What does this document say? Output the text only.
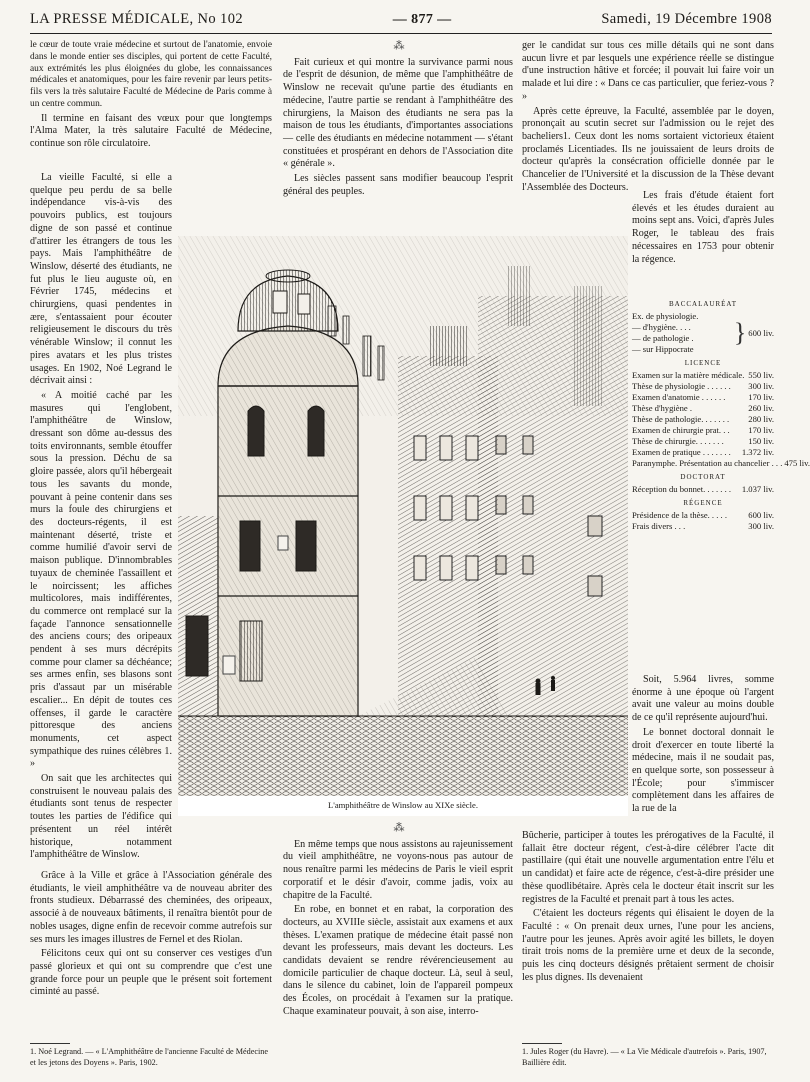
LA PRESSE MÉDICALE, No 102	— 877 —	Samedi, 19 Décembre 1908

le cœur de toute vraie médecine et surtout de l'anatomie, envoie dans le monde entier ses disciples, qui portent de cette Faculté, aux extrémités les plus éloignées du globe, les connaissances médicales et anatomiques, pour les faire revenir par leurs petits-fils vers la très salutaire Faculté de Médecine de Paris comme à un centre commun.

Il termine en faisant des vœux pour que longtemps l'Alma Mater, la très salutaire Faculté de Médecine, continue son rôle circulatoire.

La vieille Faculté, si elle a quelque peu perdu de sa belle indépendance vis-à-vis des pouvoirs publics, est toujours digne de son passé et continue d'attirer les étrangers de tous les pays. Mais l'amphithéâtre de Winslow, déserté des étudiants, ne fut plus le lieu auguste où, en Février 1745, médecins et chirurgiens, quasi pendentes in ære, s'entassaient pour écouter religieusement le discours du très vénérable Winslow; il connut les pires avatars et les plus tristes usages. En 1902, Noé Legrand le décrivait ainsi :

« A moitié caché par les masures qui l'englobent, l'amphithéâtre de Winslow, dressant son dôme au-dessus des toits environnants, semble étouffer sous la pression. Déchu de sa gloire passée, alors qu'il hébergeait tous les savants du monde, pouvant à peine contenir dans ses murs la foule des chirurgiens et des docteurs-régents, il est maintenant déserté, triste et comme humilié d'avoir servi de maison publique. D'innombrables tuyaux de cheminée l'assaillent et le noircissent; les affiches multicolores, mais indifférentes, du commerce ont remplacé sur la façade l'annonce sensationnelle des anciens cours; des oripeaux pendent à ses murs décrépits comme pour clamer sa déchéance; ses armes enfin, ses blasons sont pris d'assaut par un misérable escalier... En dépit de toutes ces offenses, il garde le caractère pittoresque des anciens monuments, cet aspect sympathique des ruines célèbres 1. »

On sait que les architectes qui construisent le nouveau palais des étudiants sont tenus de respecter toutes les parties de l'édifice qui présentent un réel intérêt historique, notamment l'amphithéâtre de Winslow.

Grâce à la Ville et grâce à l'Association générale des étudiants, le vieil amphithéâtre va de nouveau abriter des fronts studieux. Débarrassé des cheminées, des oripeaux, associé à de nouveaux bâtiments, il renaîtra bientôt pour de nobles usages, digne enfin de recevoir comme autrefois sur ses murs les images illustres de Fernel et des Riolan.

Félicitons ceux qui ont su conserver ces vestiges d'un passé glorieux et qui ont su comprendre que c'est une grande force pour un peuple que le présent soit fortement ciminté au passé.

1. Noé Legrand. — « L'Amphithéâtre de l'ancienne Faculté de Médecine et les jetons des Doyens ». Paris, 1902.

⁂

Fait curieux et qui montre la survivance parmi nous de l'esprit de désunion, de même que l'amphithéâtre de Winslow ne recevait qu'une partie des étudiants en médecine, l'autre partie se rendant à l'amphithéâtre des chirurgiens, la Maison des étudiants ne sera pas la maison de tous les étudiants, d'importantes associations — celle des étudiants en médecine notamment — s'étant constituées et prospérant en dehors de l'Association dite « générale ».

Les siècles passent sans modifier beaucoup l'esprit général des peuples.

ger le candidat sur tous ces mille détails qui ne sont dans aucun livre et par lesquels une expérience réelle se distingue d'une instruction hâtive et forcée; il pouvait lui faire voir un malade et lui dire : « Dans ce cas particulier, que feriez-vous ? »

Après cette épreuve, la Faculté, assemblée par le doyen, prononçait au scutin secret sur l'admission ou le rejet des bacheliers1. Ceux dont les noms sortaient victorieux étaient proclamés Licentiades. Ils ne jouissaient de leurs droits de docteur qu'après la consécration officielle donnée par le Chancelier de l'Université et la discussion de la Thèse devant l'Assemblée des Docteurs.

Les frais d'étude étaient fort élevés et les études duraient au moins sept ans. Voici, d'après Jules Roger, le tableau des frais nécessaires en 1753 pour obtenir la régence.

BACCALAURÉAT
Ex. de physiologie.
— d'hygiène. . . .
— de pathologie .
— sur Hippocrate
} 600 liv.
LICENCE
Examen sur la matière médicale. 550 liv.
Thèse de physiologie . . . . . .	300 liv.
Examen d'anatomie . . . . . .	170 liv.
Thèse d'hygiène .	260 liv.
Thèse de pathologie. . . . . . .	280 liv.
Examen de chirurgie prat. . .	170 liv.
Thèse de chirurgie. . . . . . .	150 liv.
Examen de pratique . . . . . . .	1.372 liv.
Paranymphe. Présentation au chancelier . . . 475 liv.
DOCTORAT
Réception du bonnet. . . . . . .	1.037 liv.
RÉGENCE
Présidence de la thèse. . . . .	600 liv.
Frais divers . . .	300 liv.

Soit, 5.964 livres, somme énorme à une époque où l'argent avait une valeur au moins double de ce qu'il représente aujourd'hui.

Le bonnet doctoral donnait le droit d'exercer en toute liberté la médecine, mais il ne soudait pas, en quelque sorte, son possesseur à l'École; pour s'immiscer complètement dans les affaires de la rue de la

L'amphithéâtre de Winslow au XIXe siècle.
⁂

En même temps que nous assistons au rajeunissement du vieil amphithéâtre, ne voyons-nous pas autour de nous renaître parmi les médecins de Paris le vieil esprit corporatif et le désir d'avoir, comme jadis, voix au chapitre de la Faculté.

En robe, en bonnet et en rabat, la corporation des docteurs, au XVIIIe siècle, assistait aux examens et aux thèses. L'examen pratique de médecine était passé non devant les professeurs, mais devant les docteurs. Les candidats devaient se rendre révérencieusement au domicile particulier de chaque docteur. Là, seul à seul, dans le silence du cabinet, loin de l'appareil pompeux des Écoles, on procédait à l'examen sur la pratique. Chaque examinateur pouvait, à son aise, interro-

Bûcherie, participer à toutes les prérogatives de la Faculté, il fallait être docteur régent, c'est-à-dire célébrer l'acte dit pastillaire (qui était une nouvelle argumentation entre l'élu et un candidat) et faire acte de régence, c'est-à-dire présider une thèse quodlibétaire. Après cela le docteur était inscrit sur les registres de la Faculté et prenait part à tous les actes.

C'étaient les docteurs régents qui élisaient le doyen de la Faculté : « On prenait deux urnes, l'une pour les anciens, l'autre pour les jeunes. Après avoir agité les billets, le doyen tirait trois noms de la première urne et deux de la seconde, puis les cinq docteurs désignés prêtaient serment de choisir les plus dignes. Ils devenaient

1. Jules Roger (du Havre). — « La Vie Médicale d'autrefois ». Paris, 1907, Baillière édit.
